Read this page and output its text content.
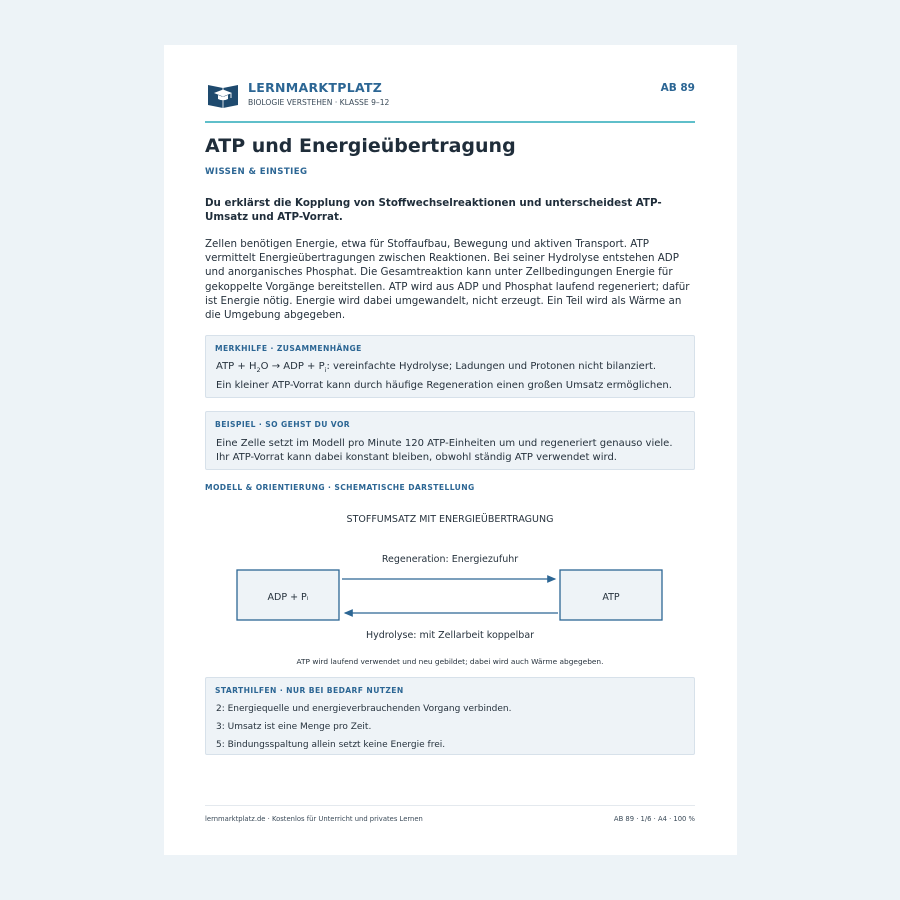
LERNMARKTPLATZ
BIOLOGIE VERSTEHEN · KLASSE 9–12
AB 89
ATP und Energieübertragung
WISSEN & EINSTIEG
Du erklärst die Kopplung von Stoffwechselreaktionen und unterscheidest ATP-Umsatz und ATP-Vorrat.
Zellen benötigen Energie, etwa für Stoffaufbau, Bewegung und aktiven Transport. ATP vermittelt Energieübertragungen zwischen Reaktionen. Bei seiner Hydrolyse entstehen ADP und anorganisches Phosphat. Die Gesamtreaktion kann unter Zellbedingungen Energie für gekoppelte Vorgänge bereitstellen. ATP wird aus ADP und Phosphat laufend regeneriert; dafür ist Energie nötig. Energie wird dabei umgewandelt, nicht erzeugt. Ein Teil wird als Wärme an die Umgebung abgegeben.
MERKHILFE · ZUSAMMENHÄNGE
ATP + $H_2O$ → ADP + $P_i$: vereinfachte Hydrolyse; Ladungen und Protonen nicht bilanziert.
Ein kleiner ATP-Vorrat kann durch häufige Regeneration einen großen Umsatz ermöglichen.
BEISPIEL · SO GEHST DU VOR
Eine Zelle setzt im Modell pro Minute 120 ATP-Einheiten um und regeneriert genauso viele. Ihr ATP-Vorrat kann dabei konstant bleiben, obwohl ständig ATP verwendet wird.
MODELL & ORIENTIERUNG · SCHEMATISCHE DARSTELLUNG
STOFFUMSATZ MIT ENERGIEÜBERTRAGUNG
Regeneration: Energiezufuhr
ADP + Pᵢ	ATP
Hydrolyse: mit Zellarbeit koppelbar
ATP wird laufend verwendet und neu gebildet; dabei wird auch Wärme abgegeben.
STARTHILFEN · NUR BEI BEDARF NUTZEN
2: Energiequelle und energieverbrauchenden Vorgang verbinden.
3: Umsatz ist eine Menge pro Zeit.
5: Bindungsspaltung allein setzt keine Energie frei.
lernmarktplatz.de · Kostenlos für Unterricht und privates Lernen	AB 89 · 1/6 · A4 · 100 %
